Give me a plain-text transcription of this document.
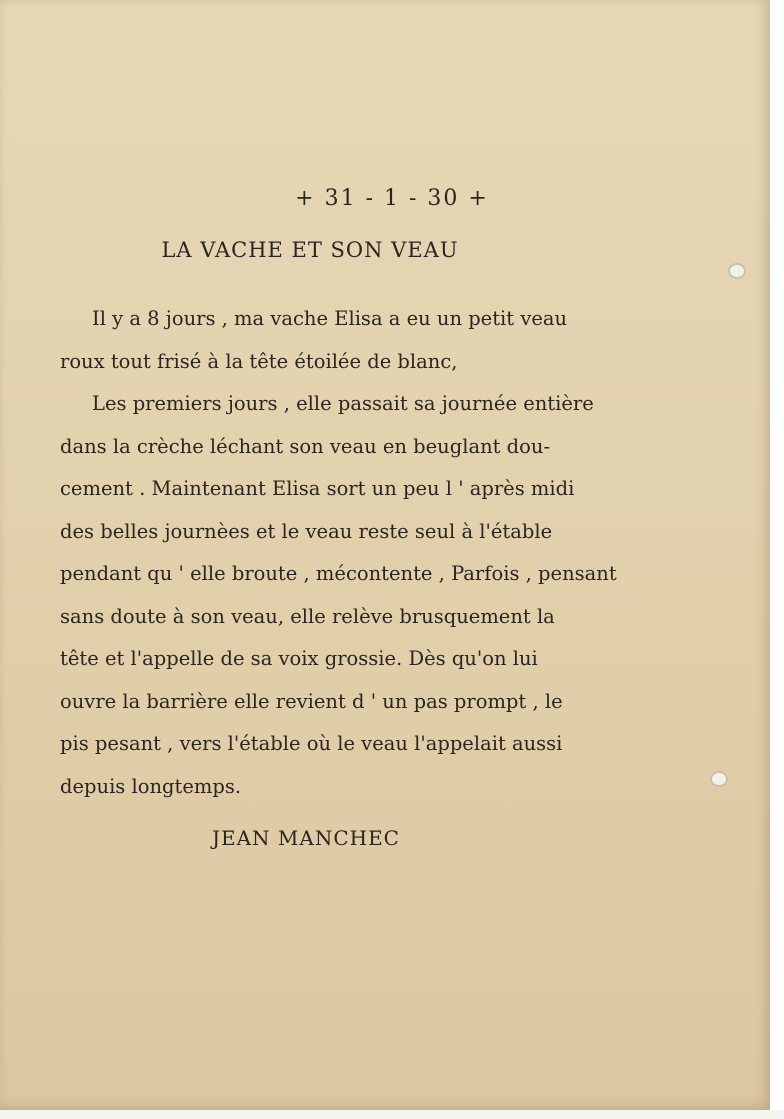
+ 31 - 1 - 30 +
LA VACHE ET SON VEAU
Il y a 8 jours , ma vache Elisa a eu un petit veau
roux tout frisé à la tête étoilée de blanc,
Les premiers jours , elle passait sa journée entière
dans la crèche léchant son veau en beuglant dou-
cement . Maintenant Elisa sort un peu l ' après midi
des belles journèes et le veau reste seul à l'étable
pendant qu ' elle broute , mécontente , Parfois , pensant
sans doute à son veau, elle relève brusquement la
tête et l'appelle de sa voix grossie. Dès qu'on lui
ouvre la barrière elle revient d ' un pas prompt , le
pis pesant , vers l'étable où le veau l'appelait aussi
depuis longtemps.
JEAN MANCHEC
